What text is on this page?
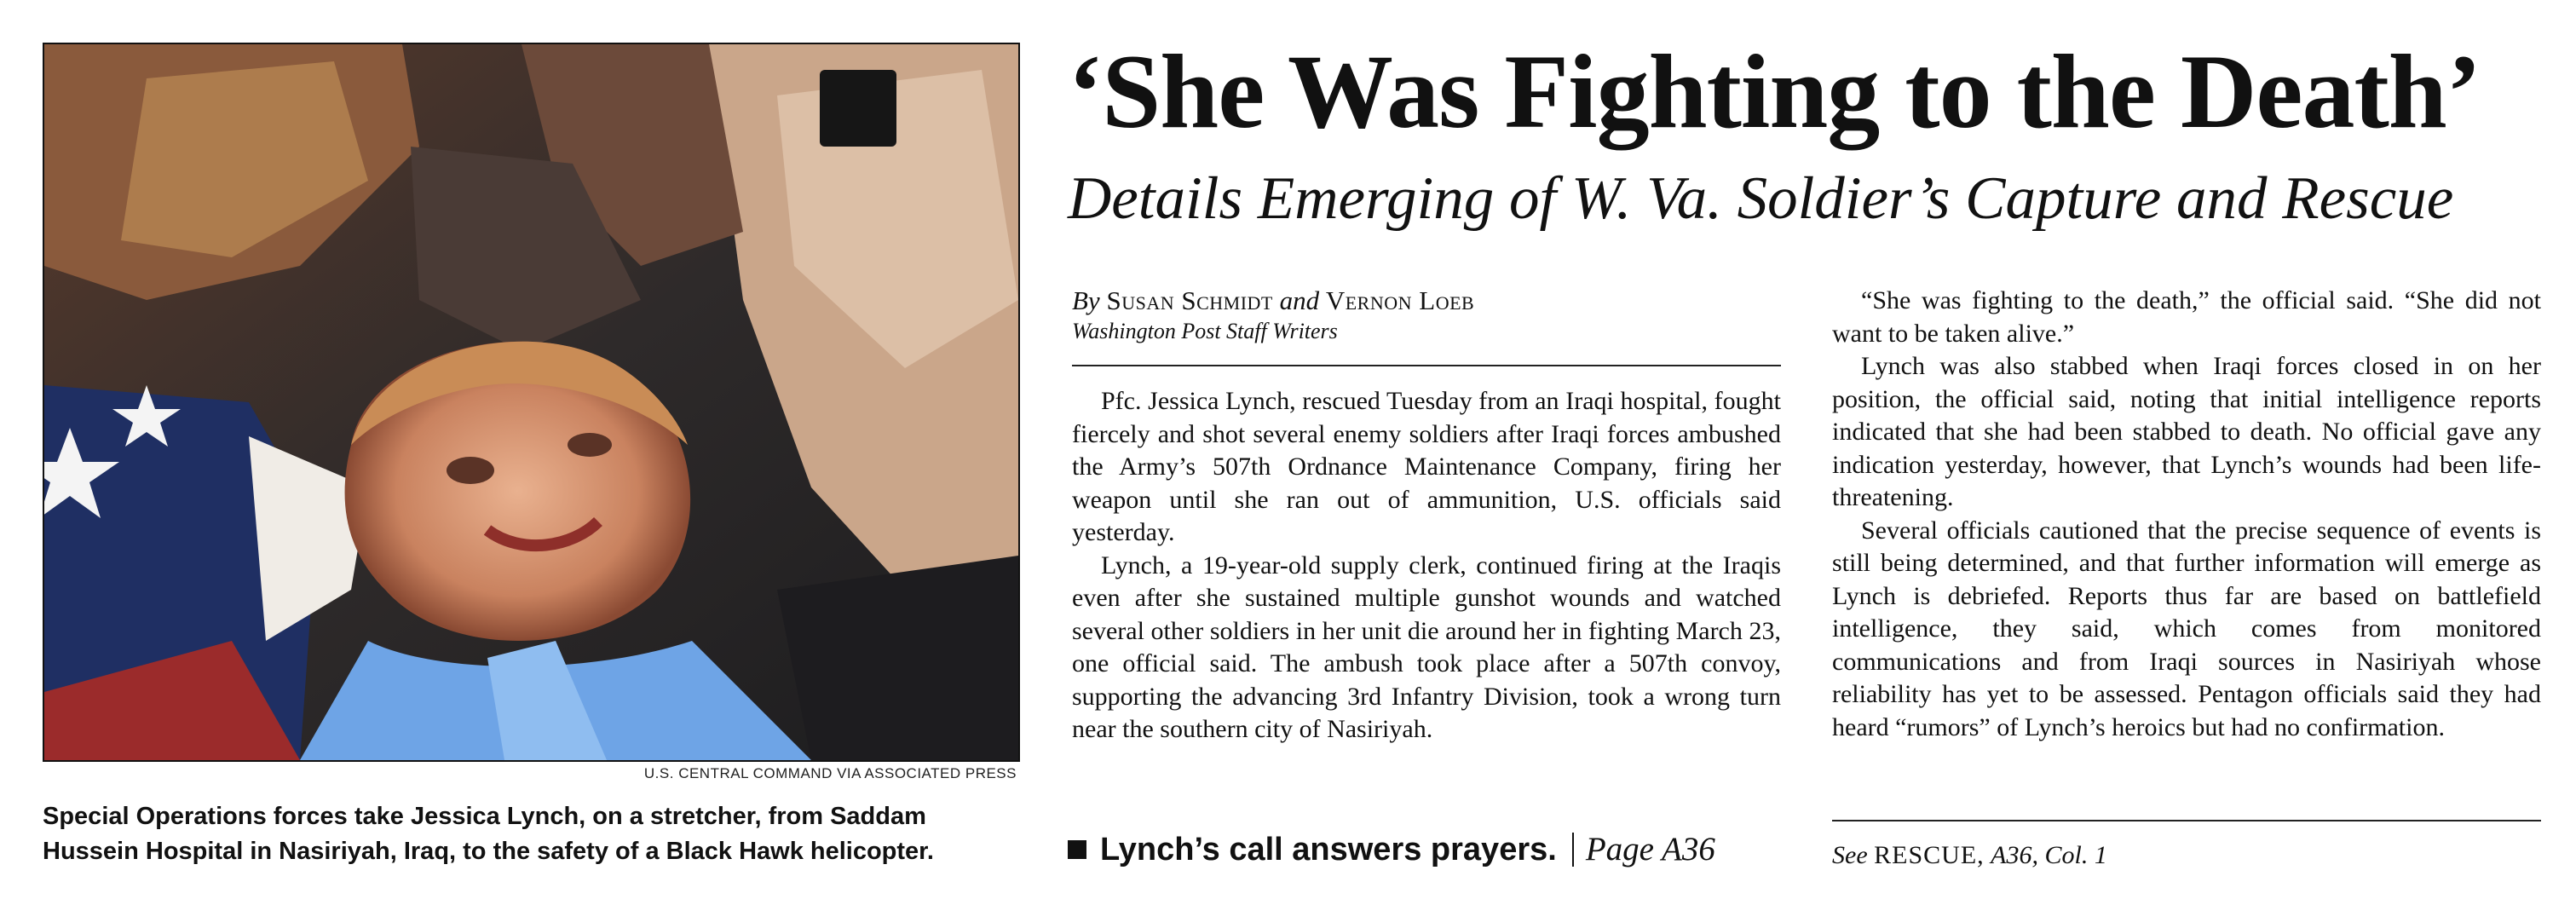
U.S. CENTRAL COMMAND VIA ASSOCIATED PRESS
Special Operations forces take Jessica Lynch, on a stretcher, from Saddam Hussein Hospital in Nasiriyah, Iraq, to the safety of a Black Hawk helicopter.
‘She Was Fighting to the Death’
Details Emerging of W. Va. Soldier’s Capture and Rescue
By Susan Schmidt and Vernon Loeb
Washington Post Staff Writers

Pfc. Jessica Lynch, rescued Tuesday from an Iraqi hospital, fought fiercely and shot several enemy soldiers after Iraqi forces ambushed the Army’s 507th Ordnance Maintenance Company, firing her weapon until she ran out of ammunition, U.S. officials said yesterday.

Lynch, a 19-year-old supply clerk, continued firing at the Iraqis even after she sustained multiple gunshot wounds and watched several other soldiers in her unit die around her in fighting March 23, one official said. The ambush took place after a 507th convoy, supporting the advancing 3rd Infantry Division, took a wrong turn near the southern city of Nasiriyah.

“She was fighting to the death,” the official said. “She did not want to be taken alive.”

Lynch was also stabbed when Iraqi forces closed in on her position, the official said, noting that initial intelligence reports indicated that she had been stabbed to death. No official gave any indication yesterday, however, that Lynch’s wounds had been life-threatening.

Several officials cautioned that the precise sequence of events is still being determined, and that further information will emerge as Lynch is debriefed. Reports thus far are based on battlefield intelligence, they said, which comes from monitored communications and from Iraqi sources in Nasiriyah whose reliability has yet to be assessed. Pentagon officials said they had heard “rumors” of Lynch’s heroics but had no confirmation.

Lynch’s call answers prayers. Page A36	See RESCUE, A36, Col. 1
